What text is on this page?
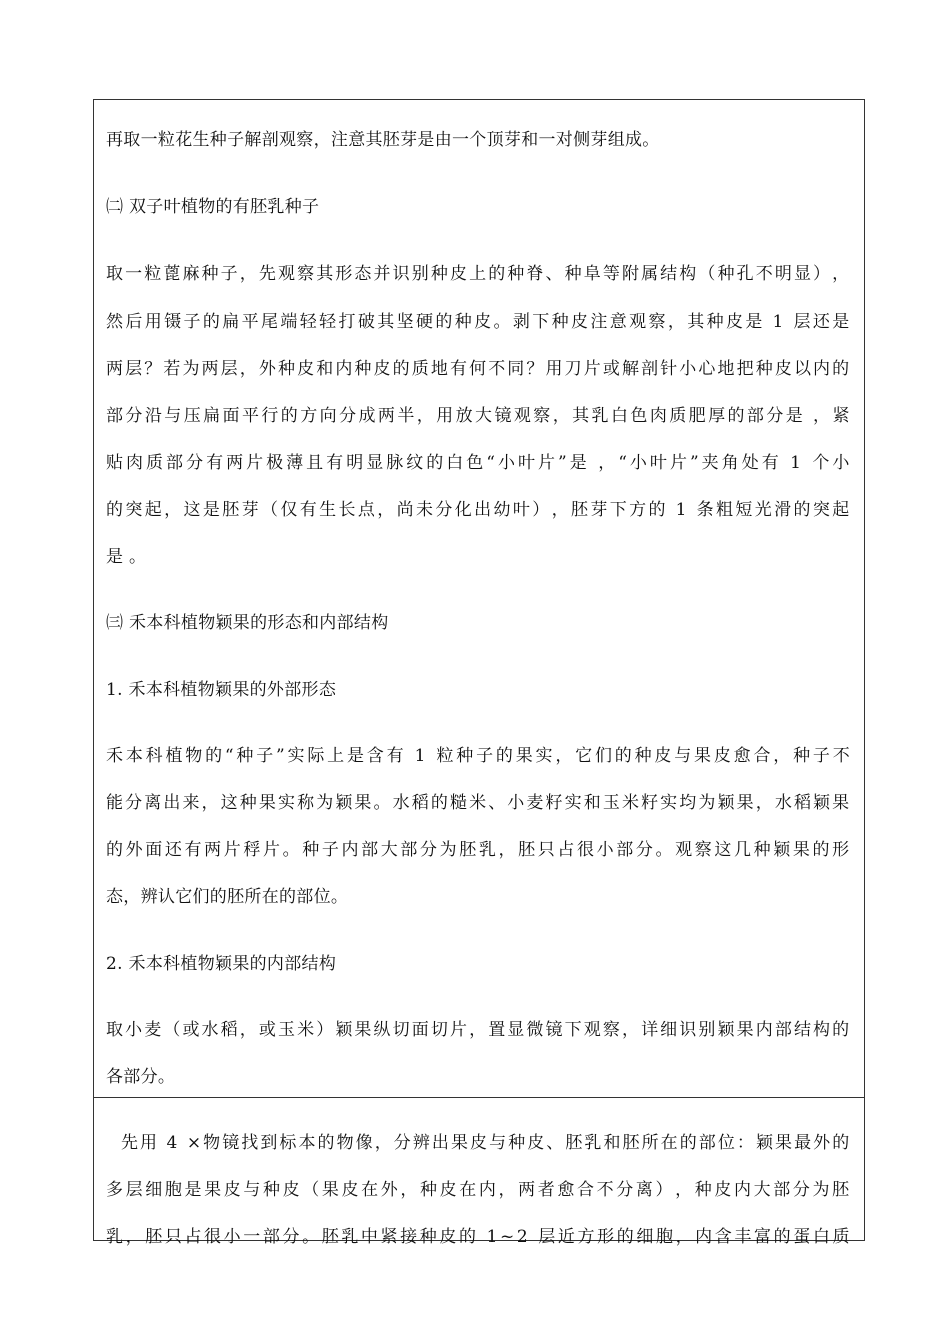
再取一粒花生种子解剖观察，注意其胚芽是由一个顶芽和一对侧芽组成。
㈡ 双子叶植物的有胚乳种子
取 一 粒 蓖 麻 种 子 ， 先 观 察 其 形 态 并 识 别 种 皮 上 的 种 脊 、 种 阜 等 附 属 结 构 （ 种 孔 不 明 显 ） ，
然 后 用 镊 子 的 扁 平 尾 端 轻 轻 打 破 其 坚 硬 的 种 皮 。 剥 下 种 皮 注 意 观 察 ， 其 种 皮 是
1
层 还 是
两 层 ？ 若 为 两 层 ， 外 种 皮 和 内 种 皮 的 质 地 有 何 不 同 ？ 用 刀 片 或 解 剖 针 小 心 地 把 种 皮 以 内 的
部 分 沿 与 压 扁 面 平 行 的 方 向 分 成 两 半 ， 用 放 大 镜 观 察 ， 其 乳 白 色 肉 质 肥 厚 的 部 分 是
， 紧
贴 肉 质 部 分 有 两 片 极 薄 且 有 明 显 脉 纹 的 白 色 “ 小 叶 片 ” 是
， “ 小 叶 片 ” 夹 角 处 有
1
个 小
的 突 起 ， 这 是 胚 芽 （ 仅 有 生 长 点 ， 尚 未 分 化 出 幼 叶 ） ， 胚 芽 下 方 的
1
条 粗 短 光 滑 的 突 起
是 。
㈢ 禾本科植物颖果的形态和内部结构
1. 禾本科植物颖果的外部形态
禾 本 科 植 物 的 “ 种 子 ” 实 际 上 是 含 有
1
粒 种 子 的 果 实 ， 它 们 的 种 皮 与 果 皮 愈 合 ， 种 子 不
能 分 离 出 来 ， 这 种 果 实 称 为 颖 果 。 水 稻 的 糙 米 、 小 麦 籽 实 和 玉 米 籽 实 均 为 颖 果 ， 水 稻 颖 果
的 外 面 还 有 两 片 稃 片 。 种 子 内 部 大 部 分 为 胚 乳 ， 胚 只 占 很 小 部 分 。 观 察 这 几 种 颖 果 的 形
态，辨认它们的胚所在的部位。
2. 禾本科植物颖果的内部结构
取 小 麦 （ 或 水 稻 ， 或 玉 米 ） 颖 果 纵 切 面 切 片 ， 置 显 微 镜 下 观 察 ， 详 细 识 别 颖 果 内 部 结 构 的
各部分。

先 用
4
× 物 镜 找 到 标 本 的 物 像 ， 分 辨 出 果 皮 与 种 皮 、 胚 乳 和 胚 所 在 的 部 位 ： 颖 果 最 外 的
多 层 细 胞 是 果 皮 与 种 皮 （ 果 皮 在 外 ， 种 皮 在 内 ， 两 者 愈 合 不 分 离 ） ， 种 皮 内 大 部 分 为 胚
乳 ， 胚 只 占 很 小 一 部 分 。 胚 乳 中 紧 接 种 皮 的
1 ~ 2
层 近 方 形 的 细 胞 ， 内 含 丰 富 的 蛋 白 质
